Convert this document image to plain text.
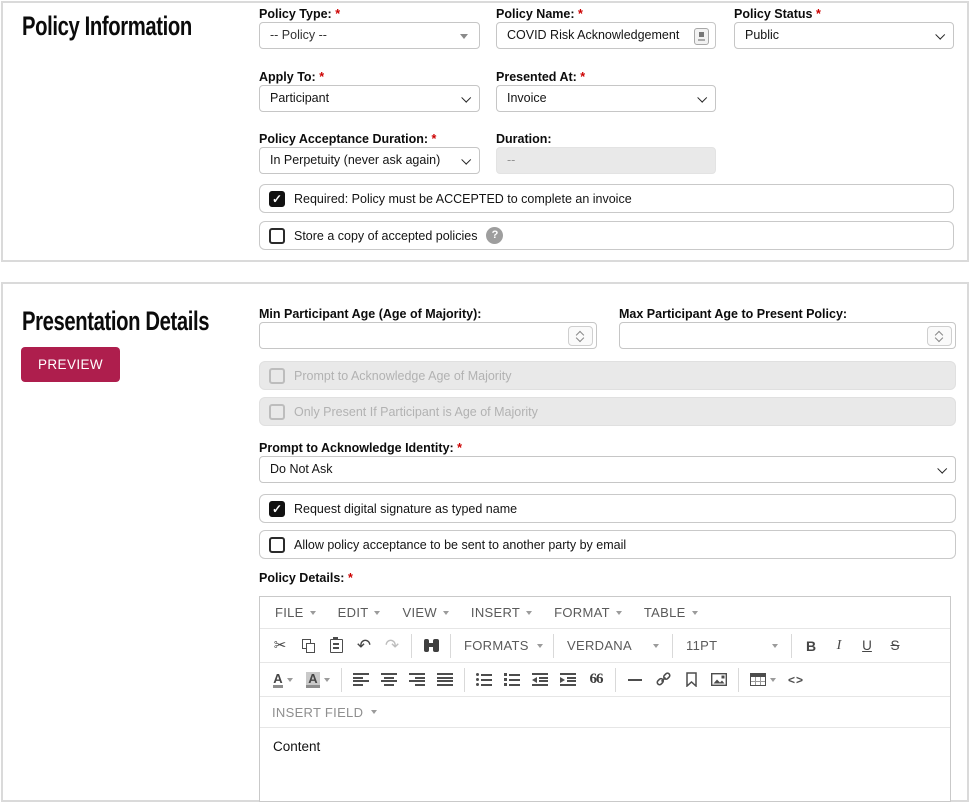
Policy Information	Policy Type: *
-- Policy --
Policy Name: *
COVID Risk Acknowledgement
Policy Status *
Public
Apply To: *
Participant
Presented At: *
Invoice
Policy Acceptance Duration: *
In Perpetuity (never ask again)
Duration:
--
✓ Required: Policy must be ACCEPTED to complete an invoice
Store a copy of accepted policies	?
Presentation Details
PREVIEW
Min Participant Age (Age of Majority):	Max Participant Age to Present Policy:
Prompt to Acknowledge Age of Majority
Only Present If Participant is Age of Majority
Prompt to Acknowledge Identity: *
Do Not Ask
✓ Request digital signature as typed name
Allow policy acceptance to be sent to another party by email
Policy Details: *
FILE	EDIT	VIEW	INSERT	FORMAT	TABLE
✂	↶ ↷	FORMATS	VERDANA	11PT	B I U S
A A	66	<>
INSERT FIELD
Content
